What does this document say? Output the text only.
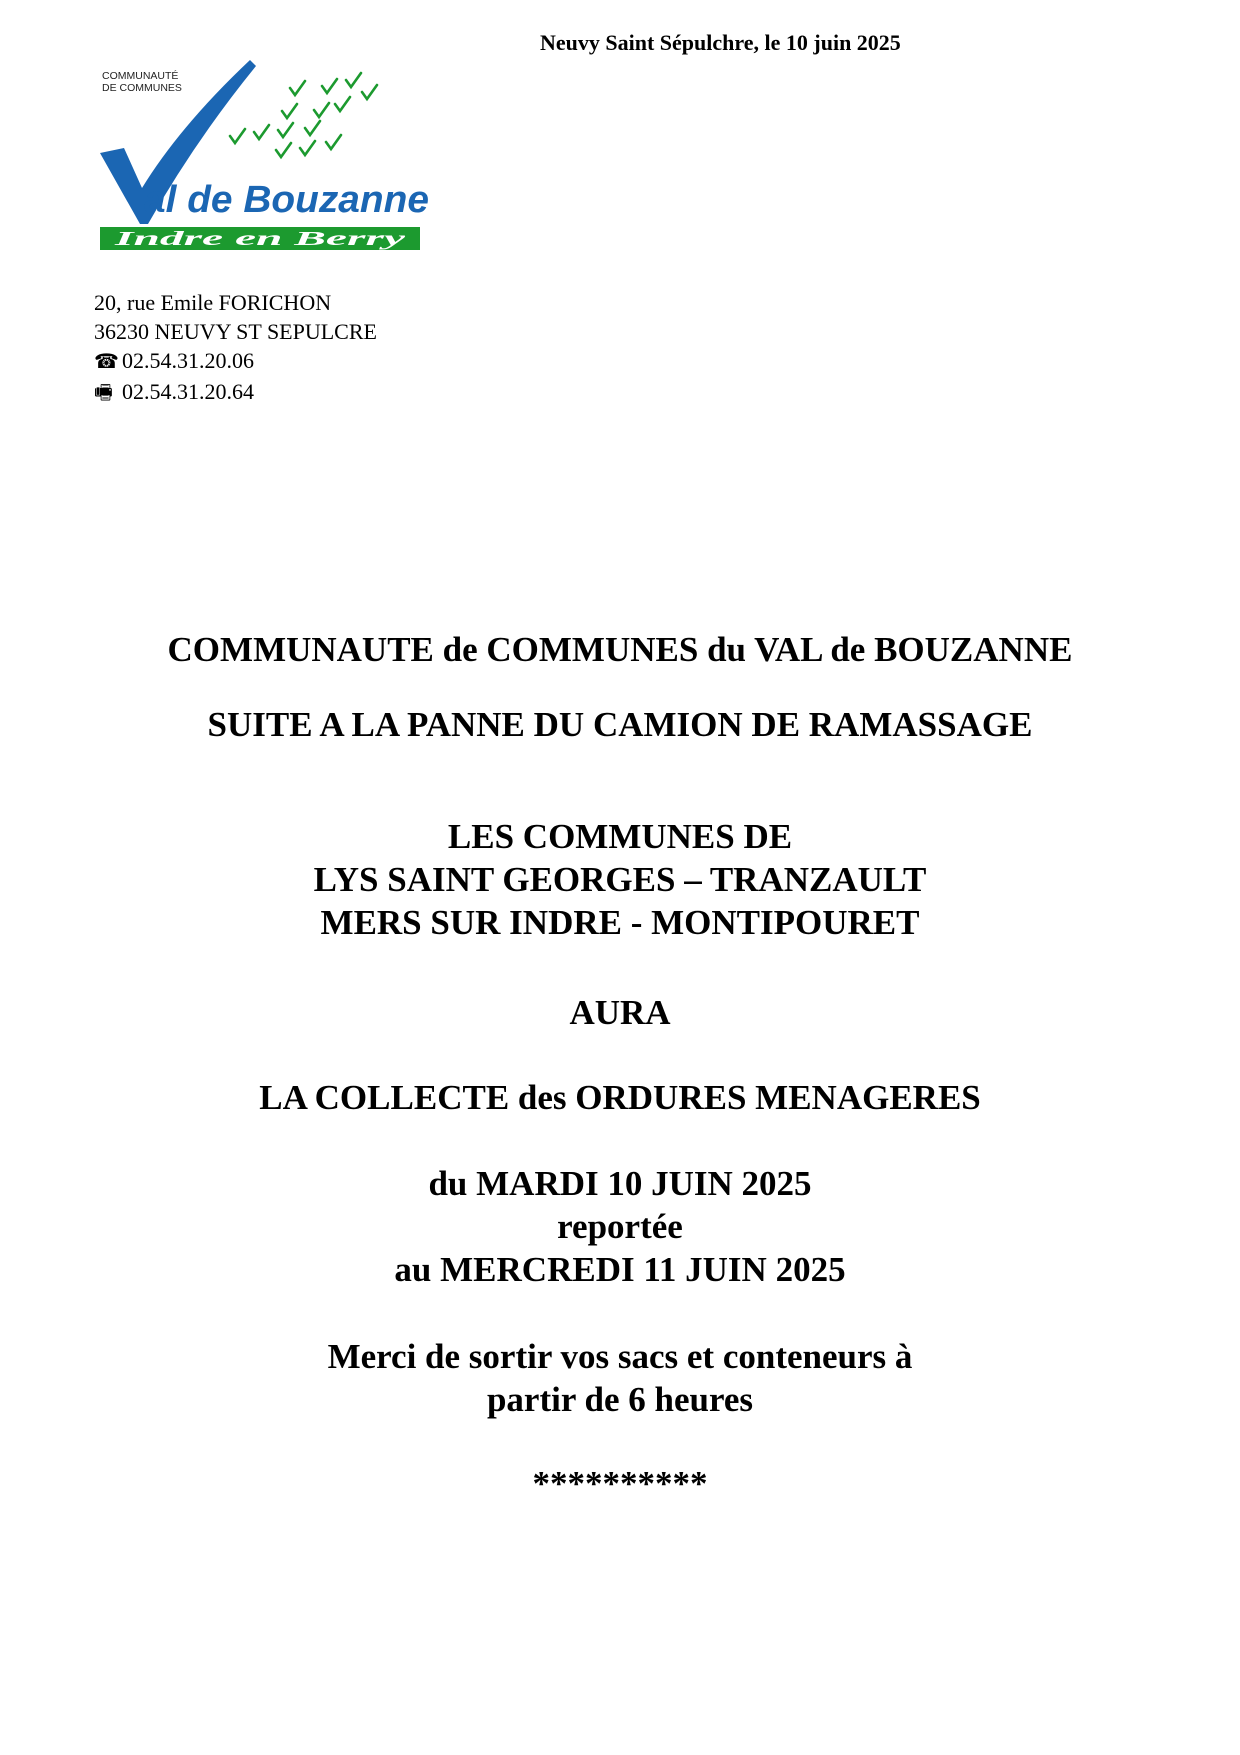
Neuvy Saint Sépulchre, le 10 juin 2025
COMMUNAUTÉ
DE COMMUNES
al de Bouzanne
Indre en Berry
20, rue Emile FORICHON
36230 NEUVY ST SEPULCRE
☎ 02.54.31.20.06
🖷 02.54.31.20.64
COMMUNAUTE de COMMUNES du VAL de BOUZANNE
SUITE A LA PANNE DU CAMION DE RAMASSAGE
LES COMMUNES DE
LYS SAINT GEORGES – TRANZAULT
MERS SUR INDRE - MONTIPOURET
AURA
LA COLLECTE des ORDURES MENAGERES
du MARDI 10 JUIN 2025
reportée
au MERCREDI 11 JUIN 2025
Merci de sortir vos sacs et conteneurs à
partir de 6 heures
**********
